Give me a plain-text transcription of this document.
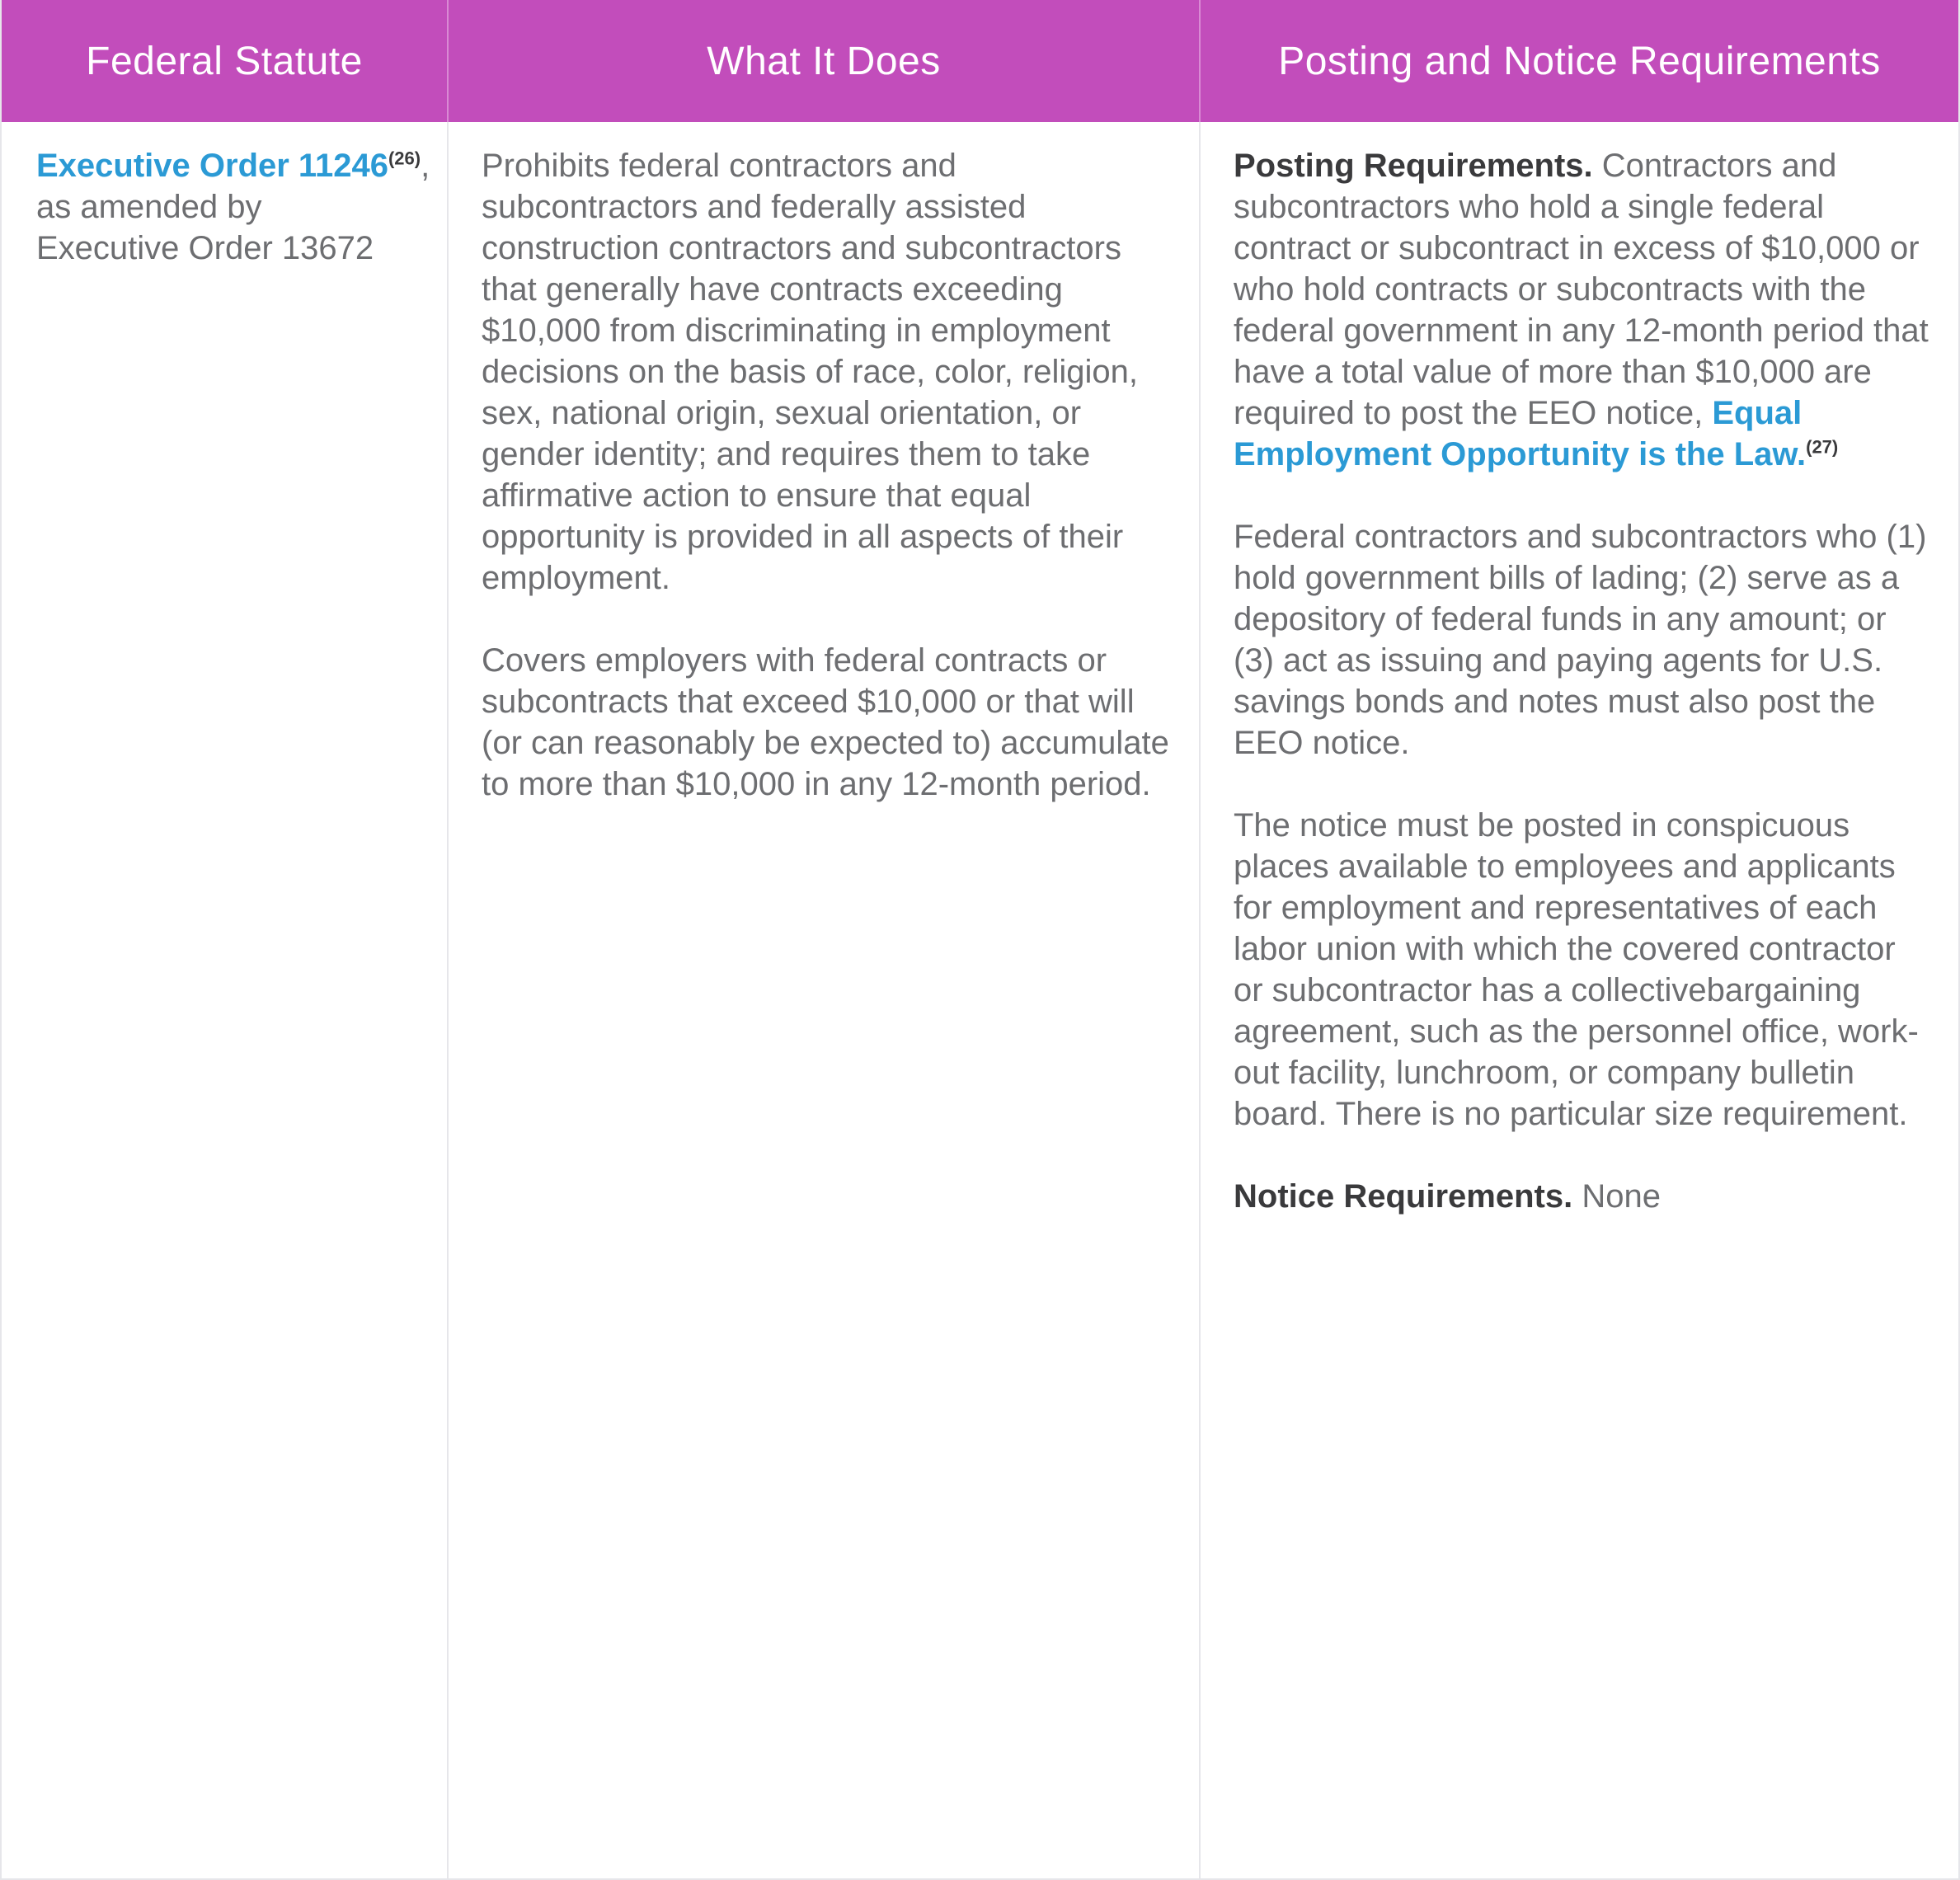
Federal Statute	What It Does	Posting and Notice Requirements
Executive Order 11246$^{(26)}$, as amended by
Executive Order 13672

Prohibits federal contractors and subcontractors and federally assisted construction contractors and subcontractors that generally have contracts exceeding $10,000 from discriminating in employment decisions on the basis of race, color, religion, sex, national origin, sexual orientation, or gender identity; and requires them to take affirmative action to ensure that equal opportunity is provided in all aspects of their employment.

Covers employers with federal contracts or subcontracts that exceed $10,000 or that will (or can reasonably be expected to) accumulate to more than $10,000 in any 12-month period.

Posting Requirements. Contractors and subcontractors who hold a single federal contract or subcontract in excess of $10,000 or who hold contracts or subcontracts with the federal government in any 12-month period that have a total value of more than $10,000 are required to post the EEO notice, Equal Employment Opportunity is the Law.$^{(27)}$

Federal contractors and subcontractors who (1) hold government bills of lading; (2) serve as a depository of federal funds in any amount; or (3) act as issuing and paying agents for U.S. savings bonds and notes must also post the EEO notice.

The notice must be posted in conspicuous places available to employees and applicants for employment and representatives of each labor union with which the covered contractor or subcontractor has a collectivebargaining agreement, such as the personnel office, work-out facility, lunchroom, or company bulletin board. There is no particular size requirement.

Notice Requirements. None
